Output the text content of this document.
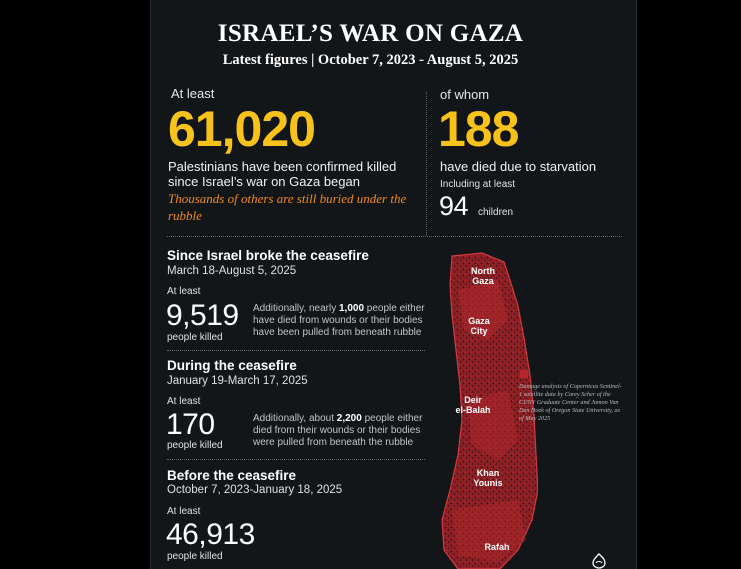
ISRAEL’S WAR ON GAZA
Latest figures | October 7, 2023 - August 5, 2025
At least
61,020
Palestinians have been confirmed killed since Israel’s war on Gaza began
Thousands of others are still buried under the rubble
of whom
188
have died due to starvation
Including at least
94 children
Since Israel broke the ceasefire
March 18-August 5, 2025
At least
9,519
people killed
Additionally, nearly 1,000 people either have died from wounds or their bodies have been pulled from beneath rubble
During the ceasefire
January 19-March 17, 2025
At least
170
people killed
Additionally, about 2,200 people either died from their wounds or their bodies were pulled from beneath the rubble
Before the ceasefire
October 7, 2023-January 18, 2025
At least
46,913
people killed
North Gaza
Gaza City
Deir el-Balah
Khan Younis
Rafah
Damage analysis of Copernicus Sentinel-1 satellite data by Corey Scher of the CUNY Graduate Center and Jamon Van Den Hoek of Oregon State University, as of May 2025
